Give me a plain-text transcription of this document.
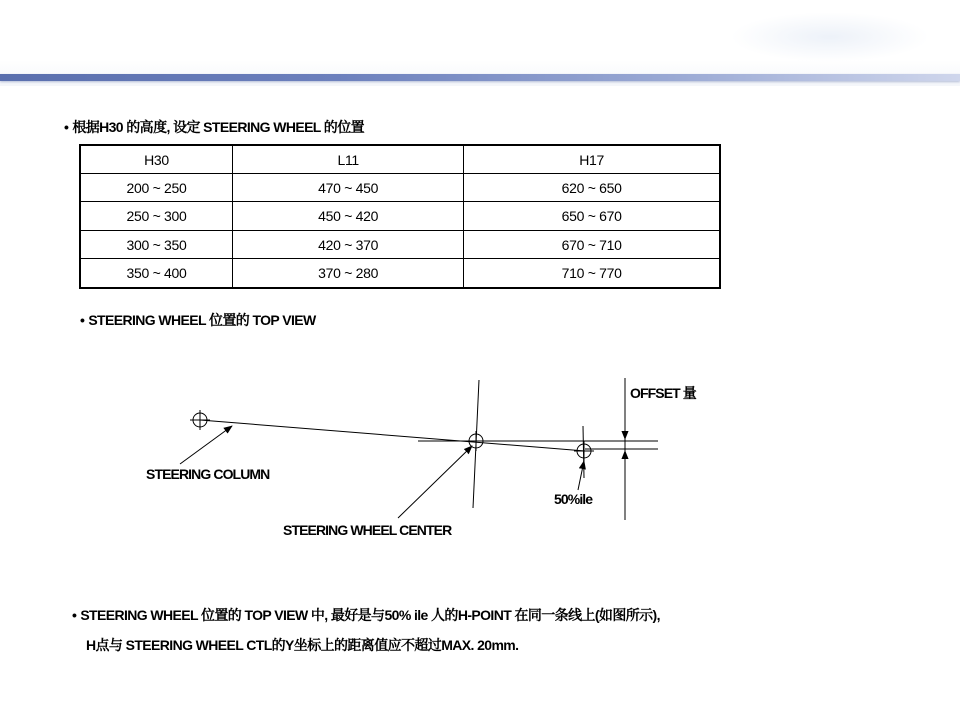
• 根据H30 的高度, 设定 STEERING WHEEL 的位置
H30	L11	H17
200 ~ 250	470 ~ 450	620 ~ 650
250 ~ 300	450 ~ 420	650 ~ 670
300 ~ 350	420 ~ 370	670 ~ 710
350 ~ 400	370 ~ 280	710 ~ 770
• STEERING WHEEL 位置的 TOP VIEW
OFFSET 量
STEERING COLUMN
50%ile
STEERING WHEEL CENTER
• STEERING WHEEL 位置的 TOP VIEW 中, 最好是与50% ile 人的H-POINT 在同一条线上(如图所示),
H点与 STEERING WHEEL CTL的Y坐标上的距离值应不超过MAX. 20mm.
